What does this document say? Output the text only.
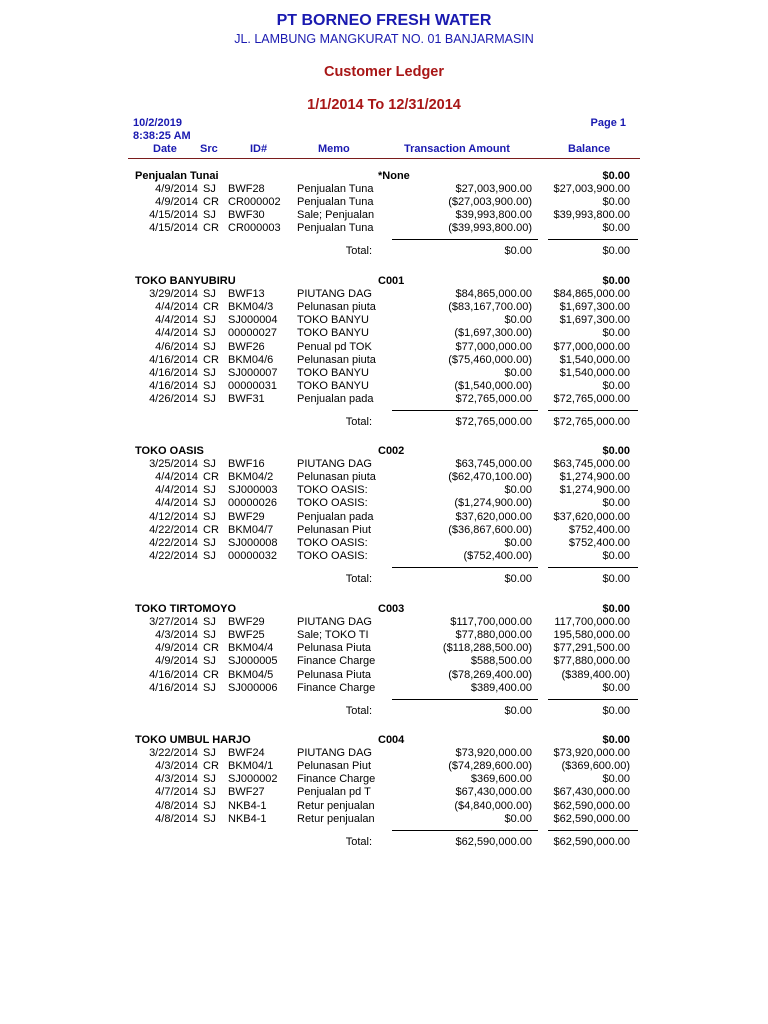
PT BORNEO FRESH WATER
JL. LAMBUNG MANGKURAT NO. 01 BANJARMASIN
Customer Ledger
1/1/2014 To 12/31/2014
10/2/2019
8:38:25 AM
Page 1
Date Src	ID#	Memo	Transaction Amount	Balance
Penjualan Tunai	*None	$0.00
4/9/2014 SJ BWF28	Penjualan Tuna	$27,003,900.00	$27,003,900.00
4/9/2014 CR CR000002 Penjualan Tuna	($27,003,900.00)	$0.00
4/15/2014 SJ BWF30	Sale; Penjualan	$39,993,800.00	$39,993,800.00
4/15/2014 CR CR000003 Penjualan Tuna	($39,993,800.00)	$0.00
Total:	$0.00	$0.00
TOKO BANYUBIRU	C001	$0.00
3/29/2014 SJ BWF13	PIUTANG DAG	$84,865,000.00	$84,865,000.00
4/4/2014 CR BKM04/3 Pelunasan piuta	($83,167,700.00)	$1,697,300.00
4/4/2014 SJ SJ000004 TOKO BANYU	$0.00	$1,697,300.00
4/4/2014 SJ 00000027 TOKO BANYU	($1,697,300.00)	$0.00
4/6/2014 SJ BWF26	Penual pd TOK	$77,000,000.00	$77,000,000.00
4/16/2014 CR BKM04/6 Pelunasan piuta	($75,460,000.00)	$1,540,000.00
4/16/2014 SJ SJ000007 TOKO BANYU	$0.00	$1,540,000.00
4/16/2014 SJ 00000031 TOKO BANYU	($1,540,000.00)	$0.00
4/26/2014 SJ BWF31	Penjualan pada	$72,765,000.00	$72,765,000.00
Total:	$72,765,000.00	$72,765,000.00
TOKO OASIS	C002	$0.00
3/25/2014 SJ BWF16	PIUTANG DAG	$63,745,000.00	$63,745,000.00
4/4/2014 CR BKM04/2 Pelunasan piuta	($62,470,100.00)	$1,274,900.00
4/4/2014 SJ SJ000003 TOKO OASIS:	$0.00	$1,274,900.00
4/4/2014 SJ 00000026 TOKO OASIS:	($1,274,900.00)	$0.00
4/12/2014 SJ BWF29	Penjualan pada	$37,620,000.00	$37,620,000.00
4/22/2014 CR BKM04/7 Pelunasan Piut	($36,867,600.00)	$752,400.00
4/22/2014 SJ SJ000008 TOKO OASIS:	$0.00	$752,400.00
4/22/2014 SJ 00000032 TOKO OASIS:	($752,400.00)	$0.00
Total:	$0.00	$0.00
TOKO TIRTOMOYO	C003	$0.00
3/27/2014 SJ BWF29	PIUTANG DAG	$117,700,000.00	117,700,000.00
4/3/2014 SJ BWF25	Sale; TOKO TI	$77,880,000.00	195,580,000.00
4/9/2014 CR BKM04/4 Pelunasa Piuta	($118,288,500.00)	$77,291,500.00
4/9/2014 SJ SJ000005 Finance Charge	$588,500.00	$77,880,000.00
4/16/2014 CR BKM04/5 Pelunasa Piuta	($78,269,400.00)	($389,400.00)
4/16/2014 SJ SJ000006 Finance Charge	$389,400.00	$0.00
Total:	$0.00	$0.00
TOKO UMBUL HARJO	C004	$0.00
3/22/2014 SJ BWF24	PIUTANG DAG	$73,920,000.00	$73,920,000.00
4/3/2014 CR BKM04/1 Pelunasan Piut	($74,289,600.00)	($369,600.00)
4/3/2014 SJ SJ000002 Finance Charge	$369,600.00	$0.00
4/7/2014 SJ BWF27	Penjualan pd T	$67,430,000.00	$67,430,000.00
4/8/2014 SJ NKB4-1	Retur penjualan	($4,840,000.00)	$62,590,000.00
4/8/2014 SJ NKB4-1	Retur penjualan	$0.00	$62,590,000.00
Total:	$62,590,000.00	$62,590,000.00
